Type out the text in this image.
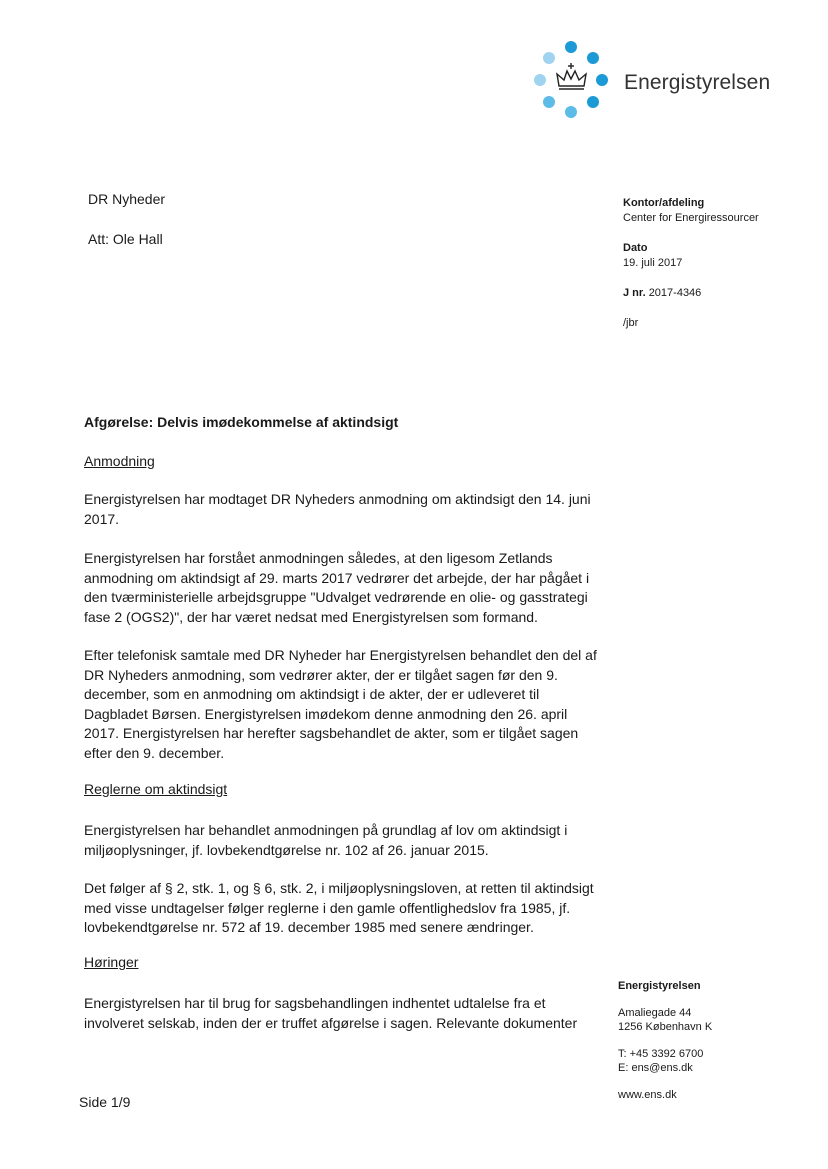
Energistyrelsen
DR Nyheder
Att: Ole Hall
Kontor/afdeling
Center for Energiressourcer
Dato
19. juli 2017
J nr. 2017-4346
/jbr
Afgørelse: Delvis imødekommelse af aktindsigt
Anmodning
Energistyrelsen har modtaget DR Nyheders anmodning om aktindsigt den 14. juni 2017.
Energistyrelsen har forstået anmodningen således, at den ligesom Zetlands anmodning om aktindsigt af 29. marts 2017 vedrører det arbejde, der har pågået i den tværministerielle arbejdsgruppe "Udvalget vedrørende en olie- og gasstrategi fase 2 (OGS2)", der har været nedsat med Energistyrelsen som formand.
Efter telefonisk samtale med DR Nyheder har Energistyrelsen behandlet den del af DR Nyheders anmodning, som vedrører akter, der er tilgået sagen før den 9. december, som en anmodning om aktindsigt i de akter, der er udleveret til Dagbladet Børsen. Energistyrelsen imødekom denne anmodning den 26. april 2017. Energistyrelsen har herefter sagsbehandlet de akter, som er tilgået sagen efter den 9. december.
Reglerne om aktindsigt
Energistyrelsen har behandlet anmodningen på grundlag af lov om aktindsigt i miljøoplysninger, jf. lovbekendtgørelse nr. 102 af 26. januar 2015.
Det følger af § 2, stk. 1, og § 6, stk. 2, i miljøoplysningsloven, at retten til aktindsigt med visse undtagelser følger reglerne i den gamle offentlighedslov fra 1985, jf. lovbekendtgørelse nr. 572 af 19. december 1985 med senere ændringer.
Høringer
Energistyrelsen har til brug for sagsbehandlingen indhentet udtalelse fra et involveret selskab, inden der er truffet afgørelse i sagen. Relevante dokumenter
Energistyrelsen
Amaliegade 44
1256 København K
T: +45 3392 6700
E: ens@ens.dk
www.ens.dk
Side 1/9
